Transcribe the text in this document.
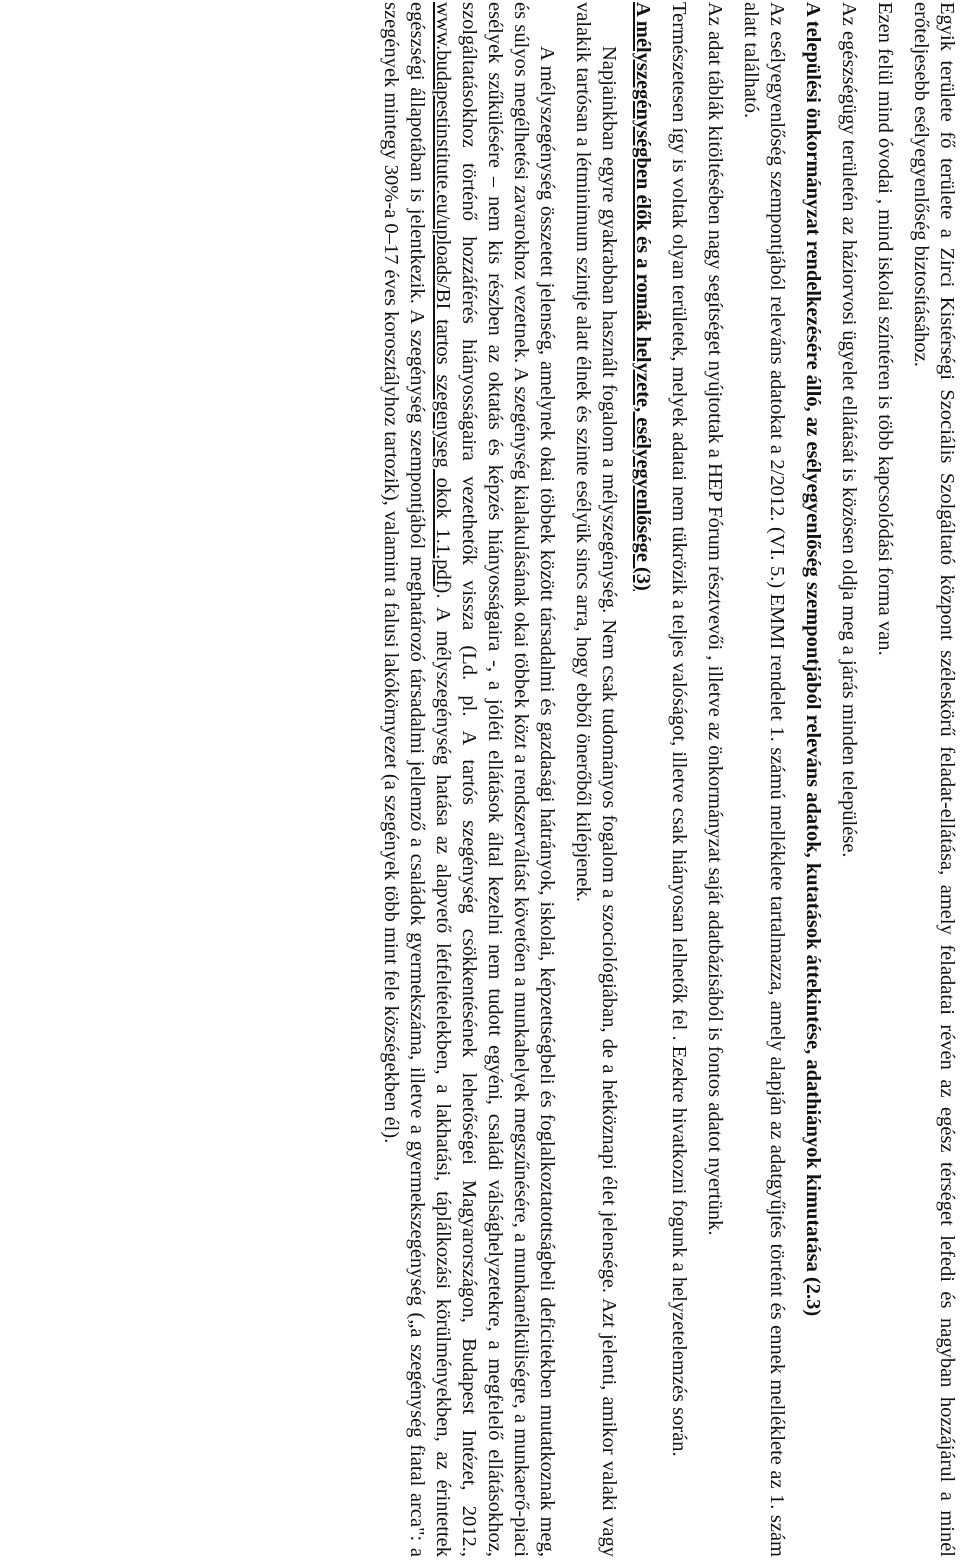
Egyik területe fő területe a Zirci Kistérségi Szociális Szolgáltató központ széleskörű feladat-ellátása, amely feladatai révén az egész térséget lefedi és nagyban hozzájárul a minél erőteljesebb esélyegyenlőség biztosításához.

Ezen felül mind óvodai , mind iskolai színtéren is több kapcsolódási forma van.

Az egészségügy területén az háziorvosi ügyelet ellátását is közösen oldja meg a járás minden települése.

A települési önkormányzat rendelkezésére álló, az esélyegyenlőség szempontjából releváns adatok, kutatások áttekintése, adathiányok kimutatása (2.3)

Az esélyegyenlőség szempontjából releváns adatokat a 2/2012. (VI. 5.) EMMI rendelet 1. számú melléklete tartalmazza, amely alapján az adatgyűjtés történt és ennek melléklete az 1. szám alatt található.

Az adat táblák kitöltésében nagy segítséget nyújtottak a HEP Fórum résztvevői , illetve az önkormányzat saját adatbázisából is fontos adatot nyertünk.

Természetesen így is voltak olyan területek, melyek adatai nem tükrözik a teljes valóságot, illetve csak hiányosan lelhetők fel . Ezekre hivatkozni fogunk a helyzetelemzés során.

A mélyszegénységben élők és a romák helyzete, esélyegyenlősége (3)

Napjainkban egyre gyakrabban használt fogalom a mélyszegénység. Nem csak tudományos fogalom a szociológiában, de a hétköznapi élet jelensége. Azt jelenti, amikor valaki vagy valakik tartósan a létminimum szintje alatt élnek és szinte esélyük sincs arra, hogy ebből önerőből kilépjenek.

A mélyszegénység összetett jelenség, amelynek okai többek között társadalmi és gazdasági hátrányok, iskolai, képzettségbeli és foglalkoztatottságbeli deficitekben mutatkoznak meg, és súlyos megélhetési zavarokhoz vezetnek. A szegénység kialakulásának okai többek közt a rendszerváltást követően a munkahelyek megszűnésére, a munkanélküliségre, a munkaerő-piaci esélyek szűkülésére – nem kis részben az oktatás és képzés hiányosságaira -, a jóléti ellátások által kezelni nem tudott egyéni, családi válsághelyzetekre, a megfelelő ellátásokhoz, szolgáltatásokhoz történő hozzáférés hiányosságaira vezethetők vissza (Ld. pl. A tartós szegénység csökkentésének lehetőségei Magyarországon, Budapest Intézet, 2012., www.budapestinstitute.eu/uploads/BI tartos szegenyseg okok 1.1.pdf). A mélyszegénység hatása az alapvető létfeltételekben, a lakhatási, táplálkozási körülményekben, az érintettek egészségi állapotában is jelentkezik. A szegénység szempontjából meghatározó társadalmi jellemző a családok gyermekszáma, illetve a gyermekszegénység („a szegénység fiatal arca": a szegények mintegy 30%-a 0–17 éves korosztályhoz tartozik), valamint a falusi lakókörnyezet (a szegények több mint fele községekben él).
